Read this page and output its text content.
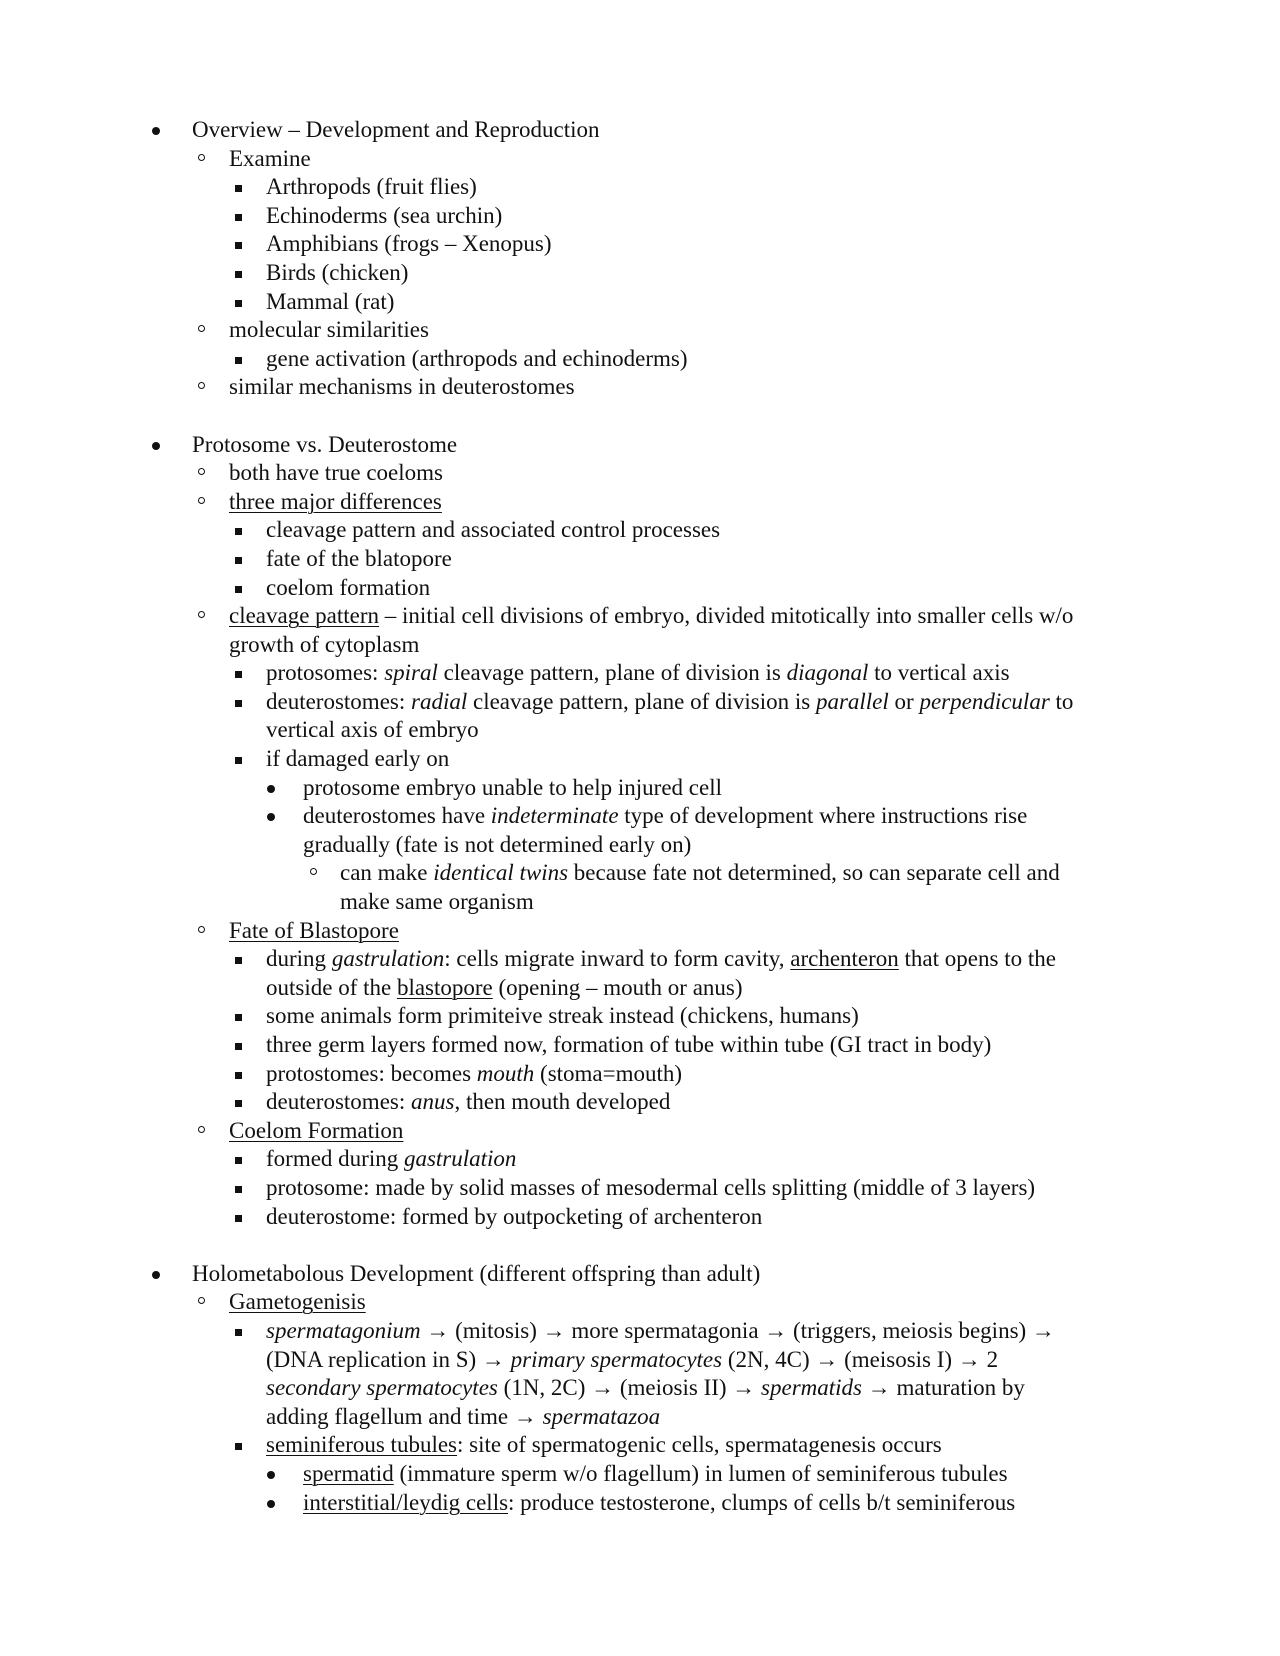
Overview – Development and Reproduction
Examine
Arthropods (fruit flies)
Echinoderms (sea urchin)
Amphibians (frogs – Xenopus)
Birds (chicken)
Mammal (rat)
molecular similarities
gene activation (arthropods and echinoderms)
similar mechanisms in deuterostomes
Protosome vs. Deuterostome
both have true coeloms
three major differences
cleavage pattern and associated control processes
fate of the blatopore
coelom formation
cleavage pattern – initial cell divisions of embryo, divided mitotically into smaller cells w/o
growth of cytoplasm
protosomes: spiral cleavage pattern, plane of division is diagonal to vertical axis
deuterostomes: radial cleavage pattern, plane of division is parallel or perpendicular to
vertical axis of embryo
if damaged early on
protosome embryo unable to help injured cell
deuterostomes have indeterminate type of development where instructions rise
gradually (fate is not determined early on)
can make identical twins because fate not determined, so can separate cell and
make same organism
Fate of Blastopore
during gastrulation: cells migrate inward to form cavity, archenteron that opens to the
outside of the blastopore (opening – mouth or anus)
some animals form primiteive streak instead (chickens, humans)
three germ layers formed now, formation of tube within tube (GI tract in body)
protostomes: becomes mouth (stoma=mouth)
deuterostomes: anus, then mouth developed
Coelom Formation
formed during gastrulation
protosome: made by solid masses of mesodermal cells splitting (middle of 3 layers)
deuterostome: formed by outpocketing of archenteron
Holometabolous Development (different offspring than adult)
Gametogenisis
spermatagonium → (mitosis) → more spermatagonia → (triggers, meiosis begins) →
(DNA replication in S) → primary spermatocytes (2N, 4C) → (meisosis I) → 2
secondary spermatocytes (1N, 2C) → (meiosis II) → spermatids → maturation by
adding flagellum and time → spermatazoa
seminiferous tubules: site of spermatogenic cells, spermatagenesis occurs
spermatid (immature sperm w/o flagellum) in lumen of seminiferous tubules
interstitial/leydig cells: produce testosterone, clumps of cells b/t seminiferous
